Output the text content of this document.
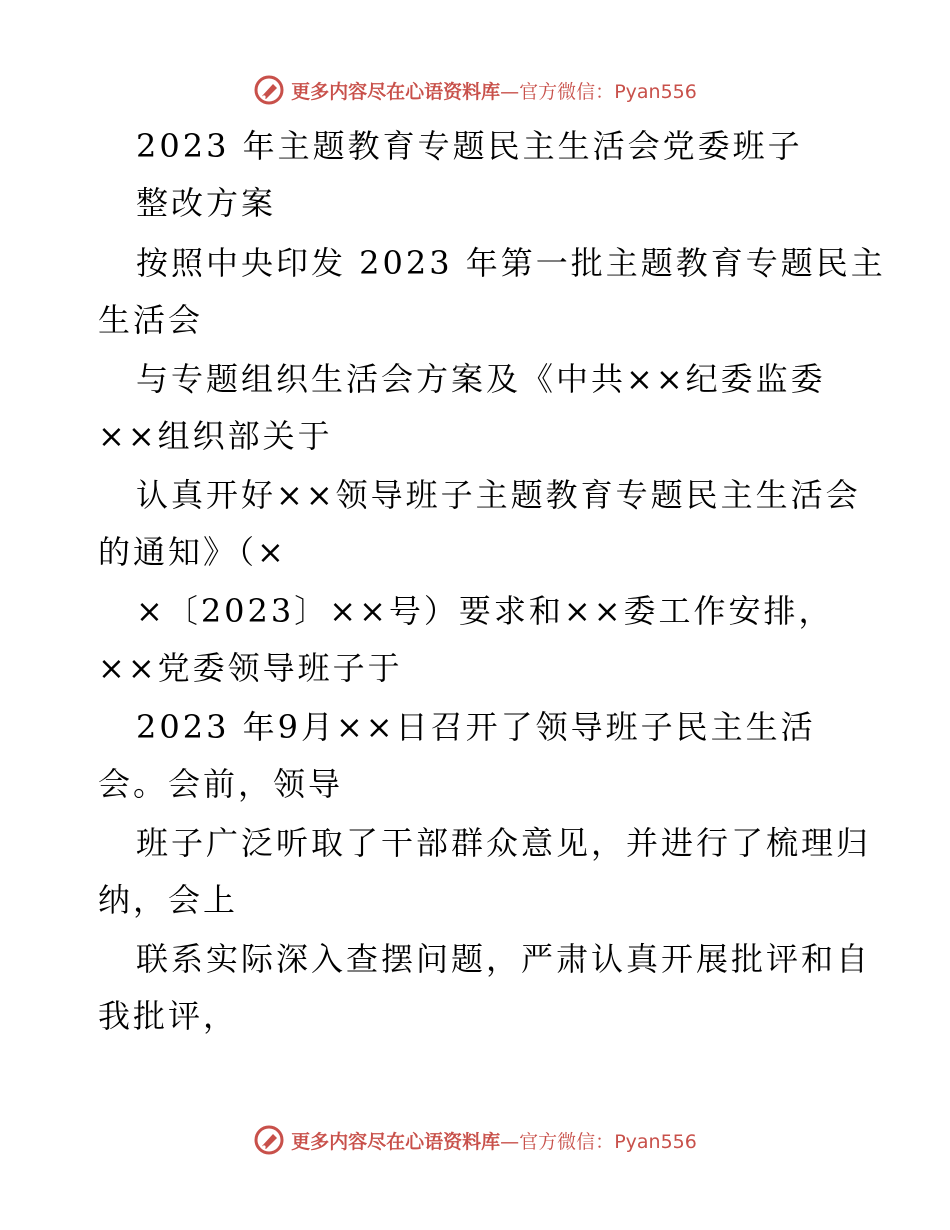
更多内容尽在心语资料库—官方微信：Pyan556
2023 年主题教育专题民主生活会党委班子
整改方案
按照中央印发 2023 年第一批主题教育专题民主
生活会
与专题组织生活会方案及《中共××纪委监委
××组织部关于
认真开好××领导班子主题教育专题民主生活会
的通知》（×
×〔2023〕××号）要求和××委工作安排，
××党委领导班子于
2023 年9月××日召开了领导班子民主生活
会。会前，领导
班子广泛听取了干部群众意见，并进行了梳理归
纳，会上
联系实际深入查摆问题，严肃认真开展批评和自
我批评，
更多内容尽在心语资料库—官方微信：Pyan556
